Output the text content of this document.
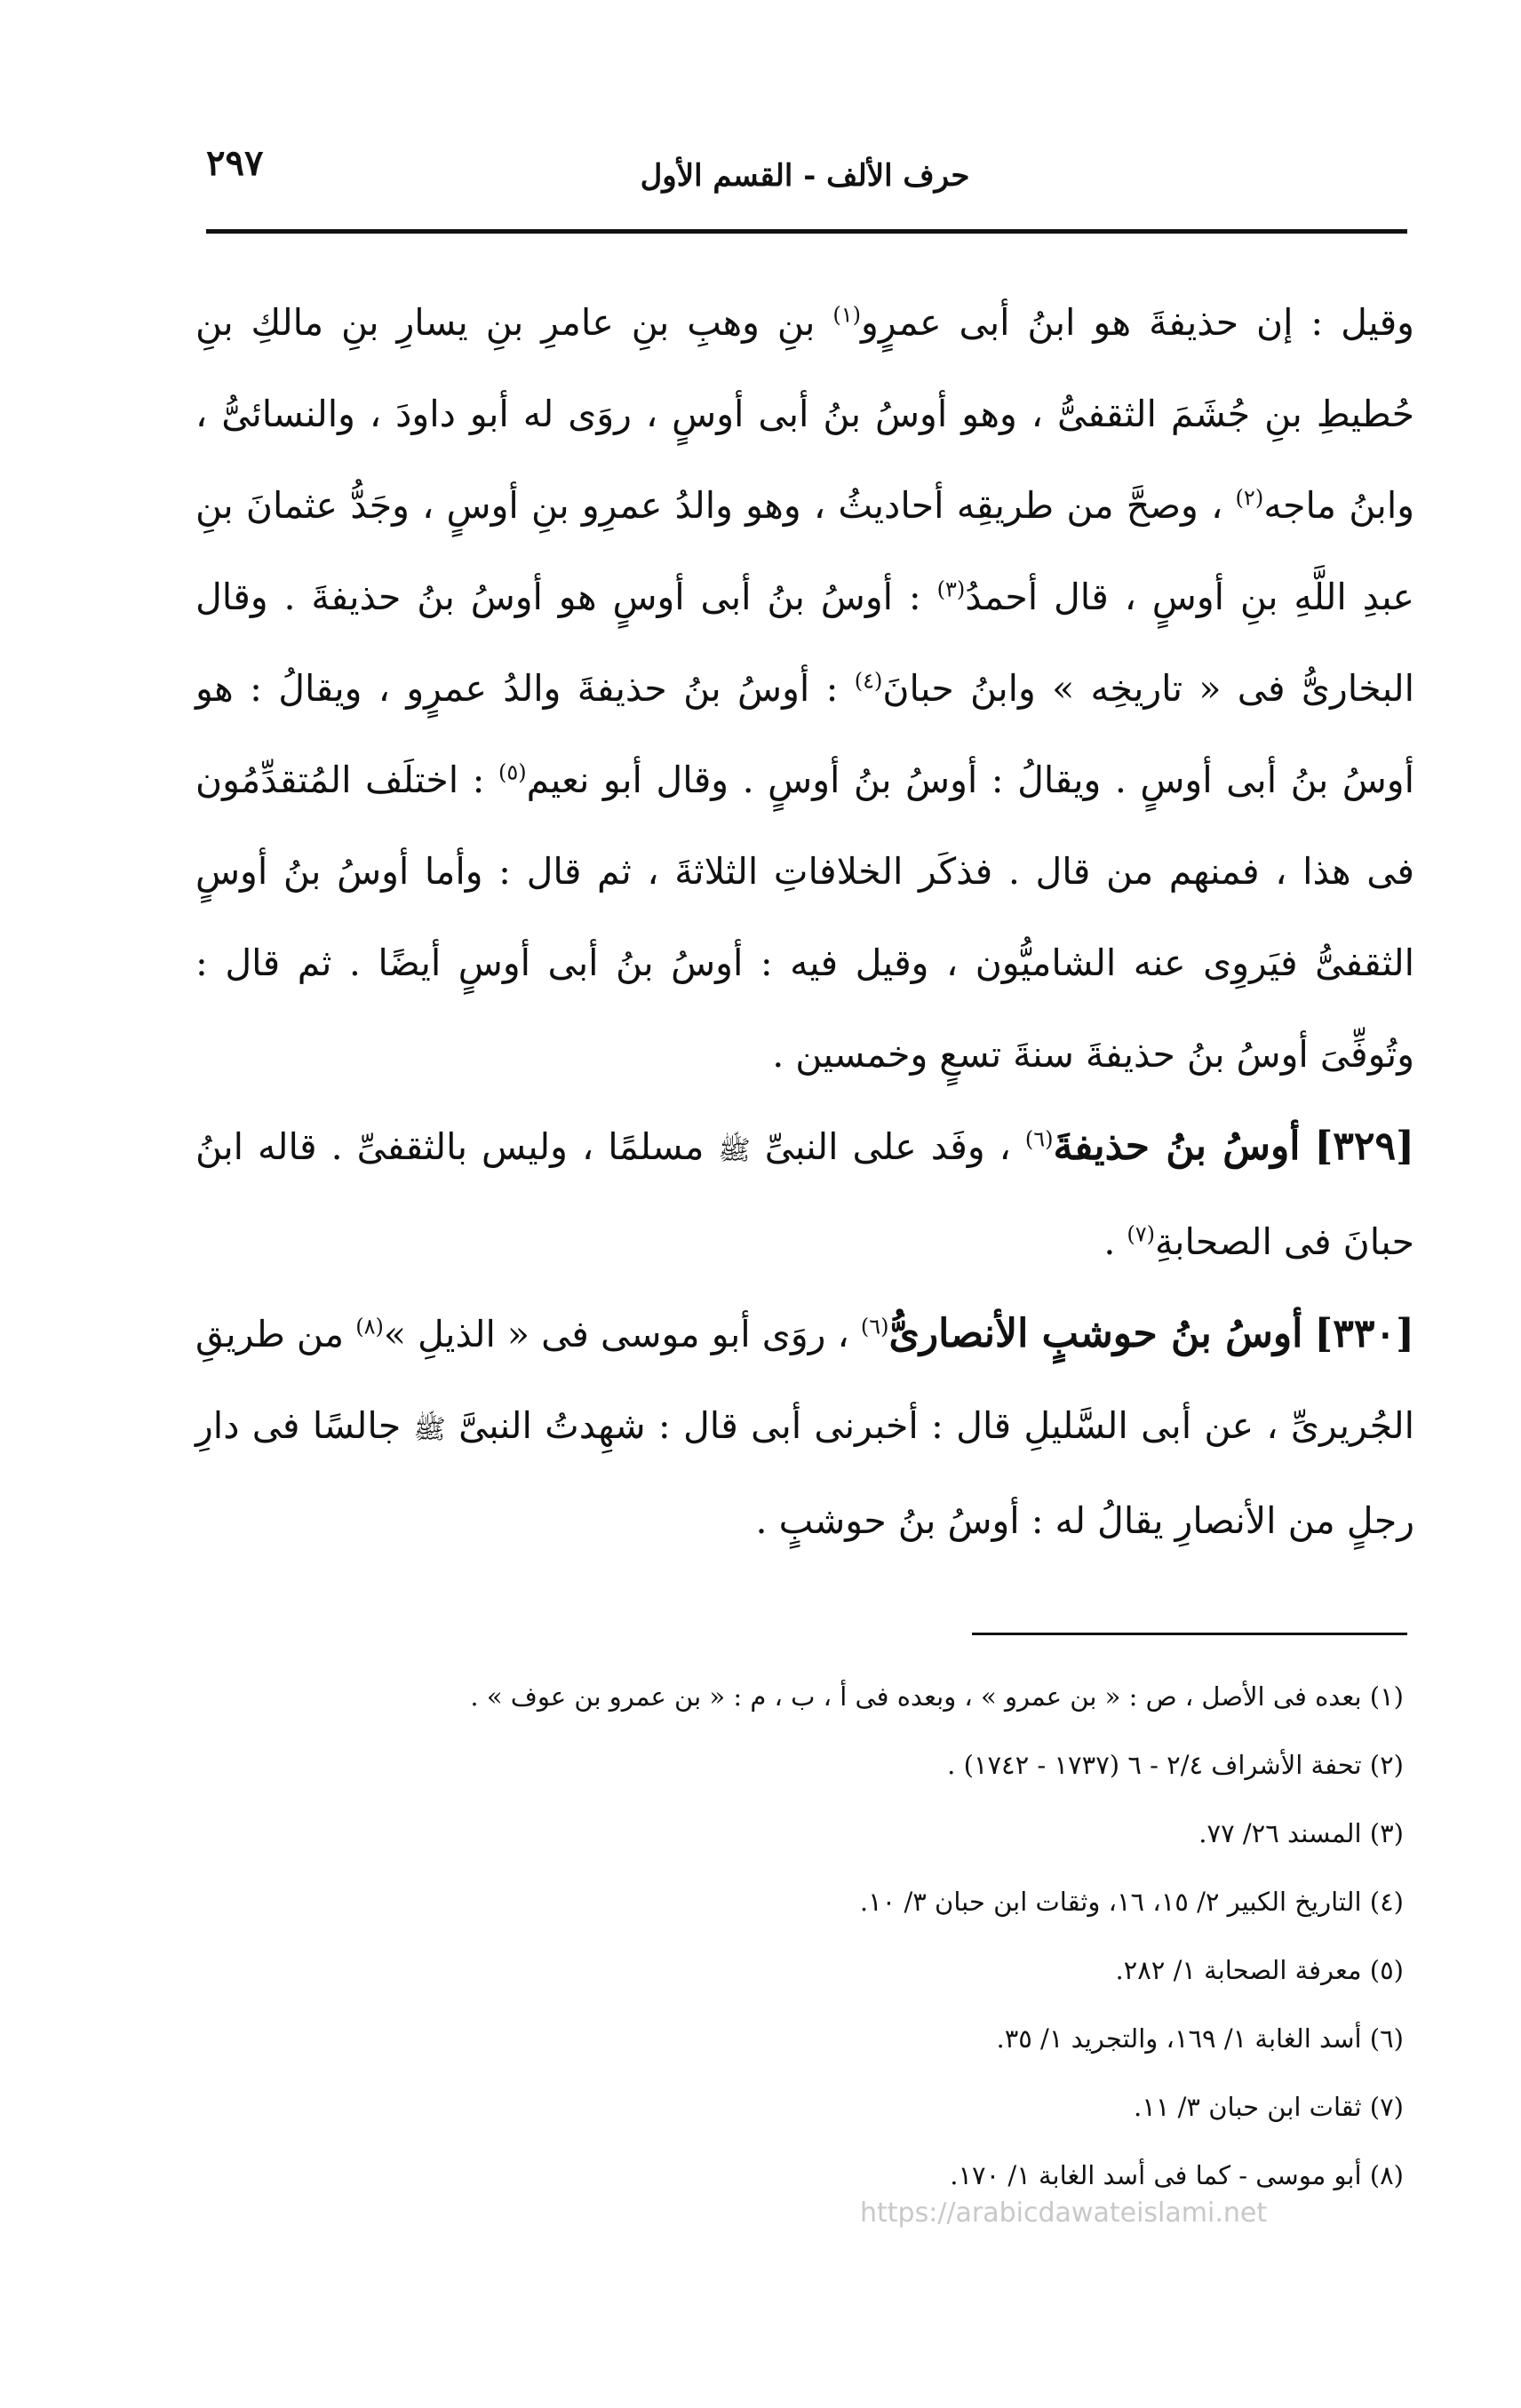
٢٩٧	حرف الألف - القسم الأول

وقيل : إن حذيفةَ هو ابنُ أبى عمرٍو$^{(١)}$ بنِ وهبِ بنِ عامرِ بنِ يسارِ بنِ مالكِ بنِ حُطيطِ بنِ جُشَمَ الثقفىُّ ، وهو أوسُ بنُ أبى أوسٍ ، روَى له أبو داودَ ، والنسائىُّ ، وابنُ ماجه$^{(٢)}$ ، وصحَّ من طريقِه أحاديثُ ، وهو والدُ عمرِو بنِ أوسٍ ، وجَدُّ عثمانَ بنِ عبدِ اللَّهِ بنِ أوسٍ ، قال أحمدُ$^{(٣)}$ : أوسُ بنُ أبى أوسٍ هو أوسُ بنُ حذيفةَ . وقال البخارىُّ فى « تاريخِه » وابنُ حبانَ$^{(٤)}$ : أوسُ بنُ حذيفةَ والدُ عمرٍو ، ويقالُ : هو أوسُ بنُ أبى أوسٍ . ويقالُ : أوسُ بنُ أوسٍ . وقال أبو نعيم$^{(٥)}$ : اختلَف المُتقدِّمُون فى هذا ، فمنهم من قال . فذكَر الخلافاتِ الثلاثةَ ، ثم قال : وأما أوسُ بنُ أوسٍ الثقفىُّ فيَروِى عنه الشاميُّون ، وقيل فيه : أوسُ بنُ أبى أوسٍ أيضًا . ثم قال : وتُوفِّىَ أوسُ بنُ حذيفةَ سنةَ تسعٍ وخمسين .

[٣٢٩] أوسُ بنُ حذيفةَ$^{(٦)}$ ، وفَد على النبىِّ ﷺ مسلمًا ، وليس بالثقفىِّ . قاله ابنُ حبانَ فى الصحابةِ$^{(٧)}$ .

[٣٣٠] أوسُ بنُ حوشبٍ الأنصارىُّ$^{(٦)}$ ، روَى أبو موسى فى « الذيلِ »$^{(٨)}$ من طريقِ الجُريرىِّ ، عن أبى السَّليلِ قال : أخبرنى أبى قال : شهِدتُ النبىَّ ﷺ جالسًا فى دارِ رجلٍ من الأنصارِ يقالُ له : أوسُ بنُ حوشبٍ .

(١) بعده فى الأصل ، ص : « بن عمرو » ، وبعده فى أ ، ب ، م : « بن عمرو بن عوف » .
(٢) تحفة الأشراف ٢/٤ - ٦ (١٧٣٧ - ١٧٤٢) .
(٣) المسند ٢٦/ ٧٧.
(٤) التاريخ الكبير ٢/ ١٥، ١٦، وثقات ابن حبان ٣/ ١٠.
(٥) معرفة الصحابة ١/ ٢٨٢.
(٦) أسد الغابة ١/ ١٦٩، والتجريد ١/ ٣٥.
(٧) ثقات ابن حبان ٣/ ١١.
(٨) أبو موسى - كما فى أسد الغابة ١/ ١٧٠.
https://arabicdawateislami.net
